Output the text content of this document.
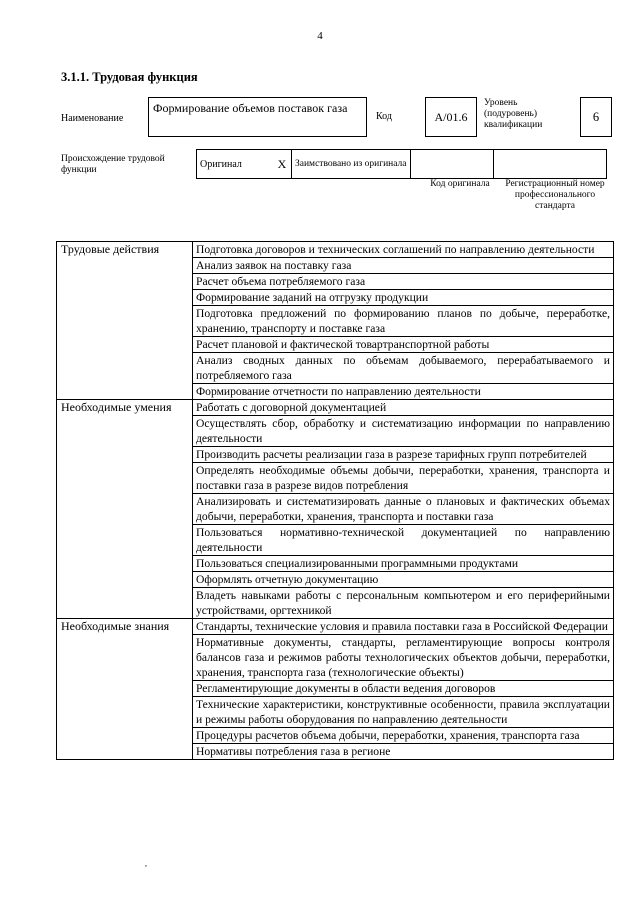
4
3.1.1. Трудовая функция
Наименование
Формирование объемов поставок газа
Код	А/01.6
Уровень
(подуровень)
квалификации
6
Происхождение трудовой функции
Оригинал	X	Заимствовано из оригинала		
Код оригинала	Регистрационный номер профессионального стандарта
Трудовые действия	Подготовка договоров и технических соглашений по направлению деятельности
	Анализ заявок на поставку газа
	Расчет объема потребляемого газа
	Формирование заданий на отгрузку продукции
	Подготовка предложений по формированию планов по добыче, переработке, хранению, транспорту и поставке газа
	Расчет плановой и фактической товартранспортной работы
	Анализ сводных данных по объемам добываемого, перерабатываемого и потребляемого газа
	Формирование отчетности по направлению деятельности
Необходимые умения	Работать с договорной документацией
	Осуществлять сбор, обработку и систематизацию информации по направлению деятельности
	Производить расчеты реализации газа в разрезе тарифных групп потребителей
	Определять необходимые объемы добычи, переработки, хранения, транспорта и поставки газа в разрезе видов потребления
	Анализировать и систематизировать данные о плановых и фактических объемах добычи, переработки, хранения, транспорта и поставки газа
	Пользоваться нормативно-технической документацией по направлению деятельности
	Пользоваться специализированными программными продуктами
	Оформлять отчетную документацию
	Владеть навыками работы с персональным компьютером и его периферийными устройствами, оргтехникой
Необходимые знания	Стандарты, технические условия и правила поставки газа в Российской Федерации
	Нормативные документы, стандарты, регламентирующие вопросы контроля балансов газа и режимов работы технологических объектов добычи, переработки, хранения, транспорта газа (технологические объекты)
	Регламентирующие документы в области ведения договоров
	Технические характеристики, конструктивные особенности, правила эксплуатации и режимы работы оборудования по направлению деятельности
	Процедуры расчетов объема добычи, переработки, хранения, транспорта газа
	Нормативы потребления газа в регионе
,
